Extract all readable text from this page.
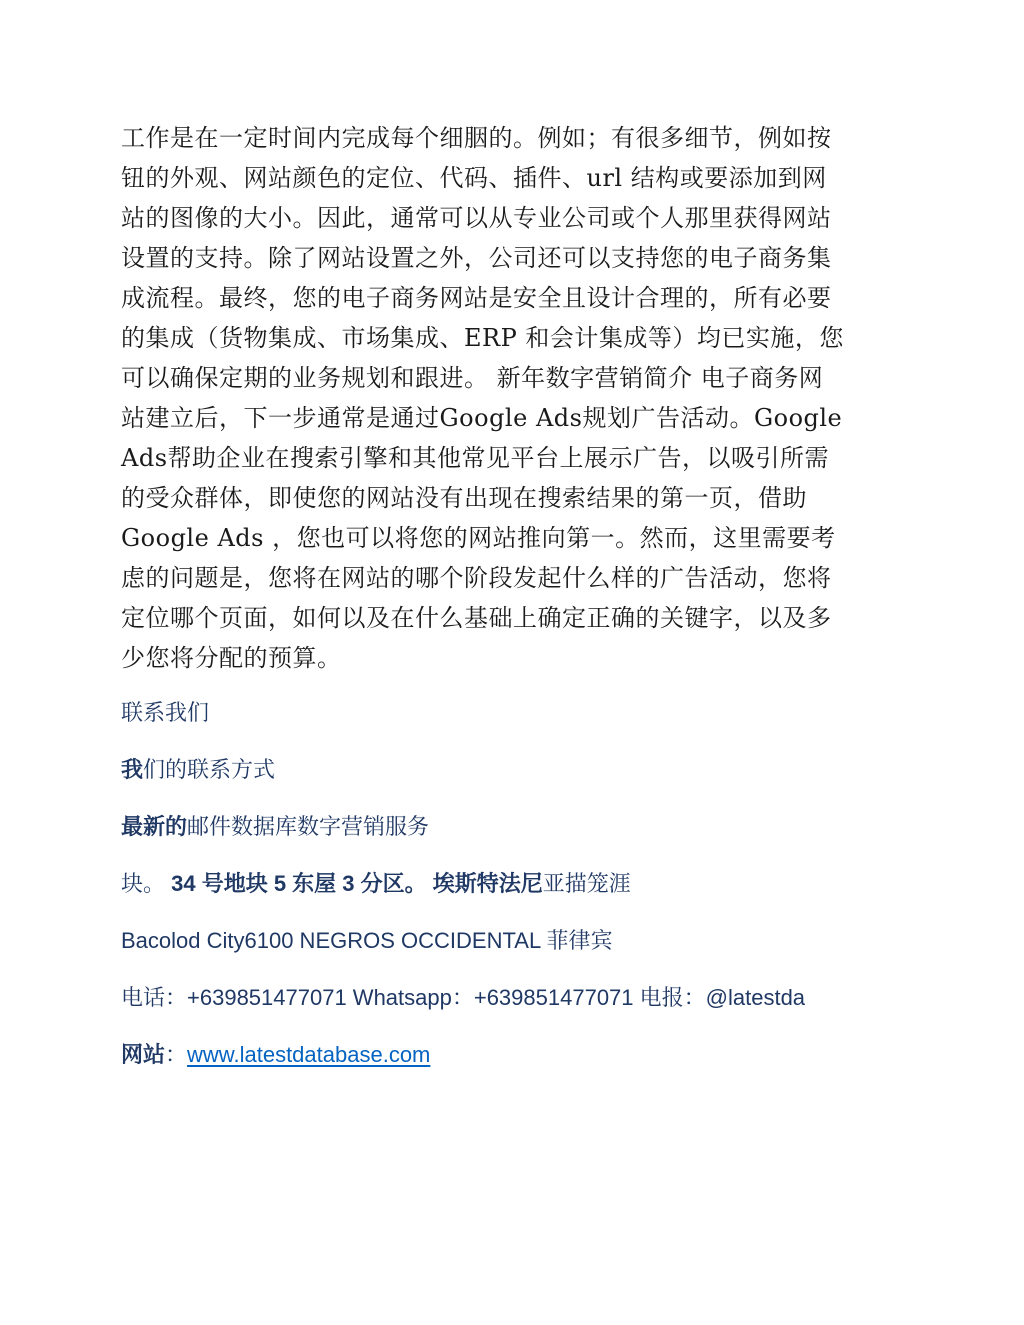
工作是在一定时间内完成每个细胭的。例如；有很多细节，例如按
钮的外观、网站颜色的定位、代码、插件、url 结构或要添加到网
站的图像的大小。因此，通常可以从专业公司或个人那里获得网站
设置的支持。除了网站设置之外，公司还可以支持您的电子商务集
成流程。最终，您的电子商务网站是安全且设计合理的，所有必要
的集成（货物集成、市场集成、ERP 和会计集成等）均已实施，您
可以确保定期的业务规划和跟进。 新年数字营销简介 电子商务网
站建立后，下一步通常是通过Google Ads规划广告活动。Google
Ads帮助企业在搜索引擎和其他常见平台上展示广告，以吸引所需
的受众群体，即使您的网站没有出现在搜索结果的第一页，借助
Google Ads ，您也可以将您的网站推向第一。然而，这里需要考
虑的问题是，您将在网站的哪个阶段发起什么样的广告活动，您将
定位哪个页面，如何以及在什么基础上确定正确的关键字，以及多
少您将分配的预算。

联系我们

我们的联系方式

最新的邮件数据库数字营销服务

块。 34 号地块 5 东屋 3 分区。 埃斯特法尼亚描笼涯

Bacolod City6100 NEGROS OCCIDENTAL 菲律宾

电话：+639851477071 Whatsapp：+639851477071 电报：@latestda

网站：www.latestdatabase.com
